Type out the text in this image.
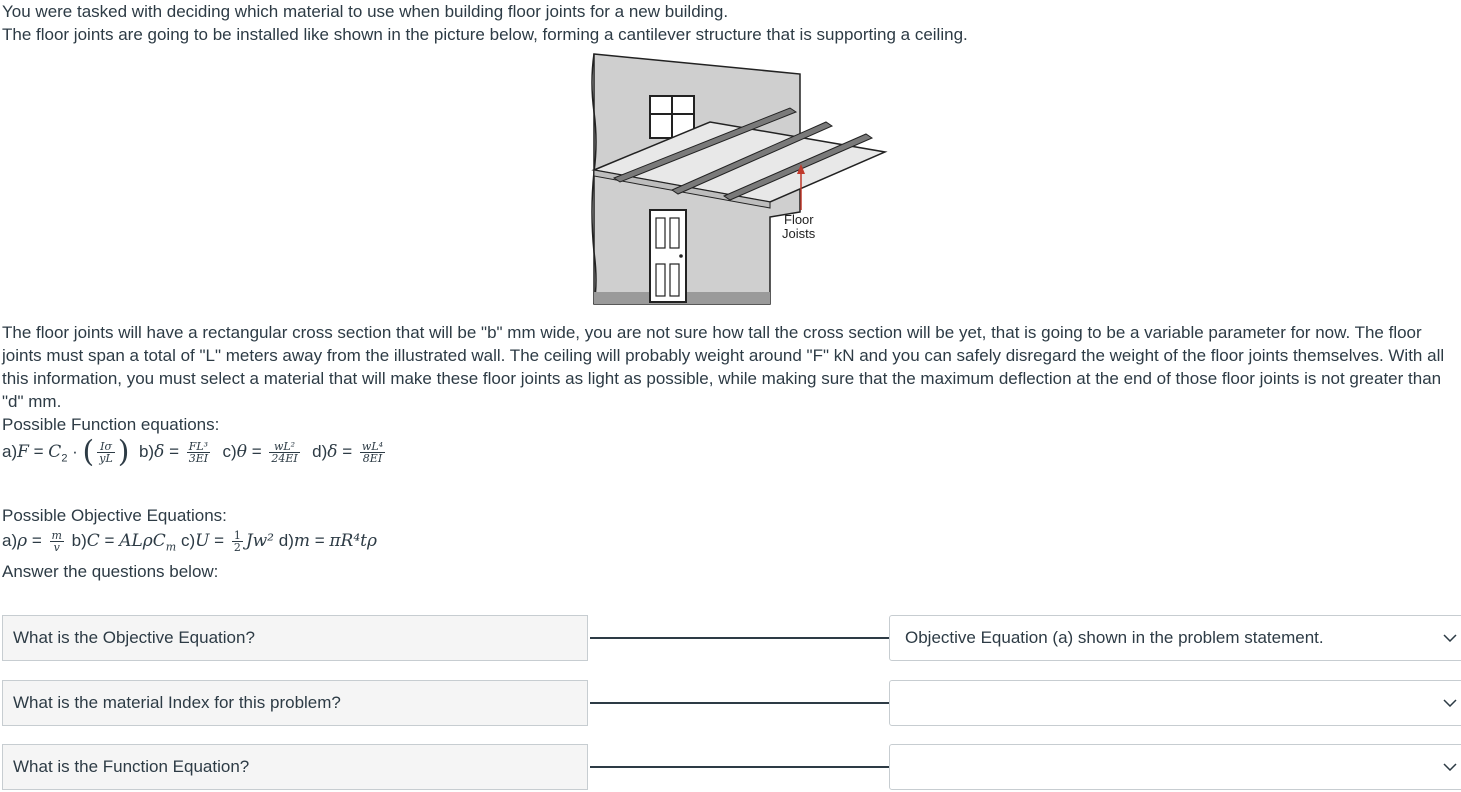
You were tasked with deciding which material to use when building floor joints for a new building.

The floor joints are going to be installed like shown in the picture below, forming a cantilever structure that is supporting a ceiling.

Floor
Joists

The floor joints will have a rectangular cross section that will be "b" mm wide, you are not sure how tall the cross section will be yet, that is going to be a variable parameter for now. The floor joints must span a total of "L" meters away from the illustrated wall. The ceiling will probably weight around "F" kN and you can safely disregard the weight of the floor joints themselves. With all this information, you must select a material that will make these floor joints as light as possible, while making sure that the maximum deflection at the end of those floor joints is not greater than "d" mm.

Possible Function equations:

$a)F = C_2$ · ( $\frac{I\sigma}{yL}$ ) $b)\delta = \frac{\text{FL³}}{3EI} c)\theta = \frac{\text{wL²}}{24EI} d)\delta = \frac{\text{wL⁴}}{8EI}$

Possible Objective Equations:

$a)\rho = \frac{m}{v} b)C = AL\rho C_m$ $c)U = \frac{1}{2} Jw^2$ d)m = πR⁴tρ

Answer the questions below:

What is the Objective Equation?	Objective Equation (a) shown in the problem statement.
What is the material Index for this problem?
What is the Function Equation?
